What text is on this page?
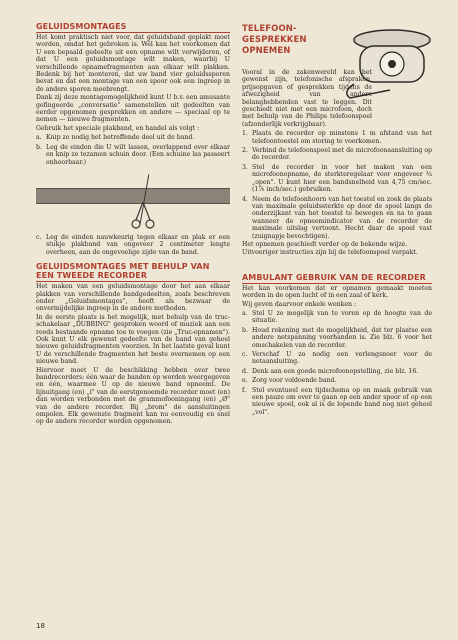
GELUIDSMONTAGES

Het komt praktisch niet voor, dat geluidsband geplakt moet worden, omdat het gebroken is. Wèl kan het voorkomen dat U een bepaald gedeelte uit een opname wilt verwijderen, of dat U een geluidsmontage wilt maken, waarbij U verschillende opnamefragmenten aan elkaar wilt plakken. Bedenk bij het monteren, dat uw band vier geluidssporen bevat en dat een montage van een spoor ook een ingreep in de andere sporen meebrengt.

Dank zij deze montagemogelijkheid kunt U b.v. een amusante gefingeerde „conversatie" samenstellen uit gedeelten van eerder opgenomen gesprekken en andere — speciaal op te nemen — nieuwe fragmenten.

Gebruik het speciale plakband, en handel als volgt :

a. Knip zo nodig het betreffende deel uit de band.
b. Leg de einden die U wilt lassen, overlappend over elkaar en knip ze tezamen schuin door. (Een schuine las passeert onhoorbaar.)
c. Leg de einden nauwkeurig tegen elkaar en plak er een stukje plakband van ongeveer 2 centimeter lengte overheen, aan de ongevoelige zijde van de band.
GELUIDSMONTAGES MET BEHULP VAN EEN TWEEDE RECORDER

Het maken van een geluidsmontage door het aan elkaar plakken van verschillende bandgedeelten, zoals beschreven onder „Geluidsmontages", heeft als bezwaar de onvermijdelijke ingreep in de andere methoden.

In de eerste plaats is het mogelijk, met behulp van de truc-schakelaar „DUBBING" gesproken woord of muziek aan een reeds bestaande opname toe te voegen (zie „Truc-opnamen"). Ook kunt U elk gewenst gedeelte van de band van geheel nieuwe geluidsfragmenten voorzien. In het laatste geval kunt U de verschillende fragmenten het beste overnemen op een nieuwe band.

Hiervoor moet U de beschikking hebben over twee bandrecorders: één waar de banden op worden weergegeven en één, waarmee U op de nieuwe band opneemt. De lijnuitgang (en) „i" van de eerstgenoemde recorder moet (en) dan worden verbonden met de grammofooningang (en) „Ø" van de andere recorder. Bij „brom" de aansluitingen ompolen. Elk gewenste fragment kan nu eenvoudig en snel op de andere recorder worden opgenomen.

TELEFOON- GESPREKKEN OPNEMEN

Vooral in de zakenwereld kan het gewenst zijn, telefonische afspraken, prijsopgaven of gesprekken tijdens de afwezigheid van andere belanghebbenden vast te leggen. Dit geschiedt niet met een microfoon, doch met behulp van de Philips telefoonspoel (afzonderlijk verkrijgbaar).

1. Plaats de recorder op minstens 1 m afstand van het telefoontoestel om storing te voorkomen.
2. Verbind de telefoonspoel met de microfoonaansluiting op de recorder.
3. Stel de recorder in voor het maken van een microfoonopname, de sterkteregelaar voor ongeveer ¾ „open". U kunt hier een bandsnelheid van 4,75 cm/sec. (1⅞ inch/sec.) gebruiken.
4. Neem de telefoonhoorn van het toestel en zoek de plaats van maximale geluidssterkte op door de spoel langs de onderzijkant van het toestel te bewegen en na te gaan wanneer de opneemindicator van de recorder de maximale uitslag vertoont. Hecht daar de spoel vast (zuignapje bevochtigen).

Het opnemen geschiedt verder op de bekende wijze.

Uitvoeriger instructies zijn bij de telefoonspoel verpakt.

AMBULANT GEBRUIK VAN DE RECORDER

Het kan voorkomen dat er opnamen gemaakt moeten worden in de open lucht of in een zaal of kerk.

Wij geven daarvoor enkele wenken :

a. Stel U zo mogelijk van te voren op de hoogte van de situatie.
b. Houd rekening met de mogelijkheid, dat ter plaatse een andere netspanning voorhanden is. Zie blz. 6 voor het omschakelen van de recorder.
c. Verschaf U zo nodig een verlengsnoer voor de netaansluiting.
d. Denk aan een goede microfoonopstelling, zie blz. 16.
e. Zorg voor voldoende band.
f. Stel eventueel een tijdschema op en maak gebruik van een pauze om over te gaan op een ander spoor of op een nieuwe spoel, ook al is de lopende band nog niet geheel „vol".
18
